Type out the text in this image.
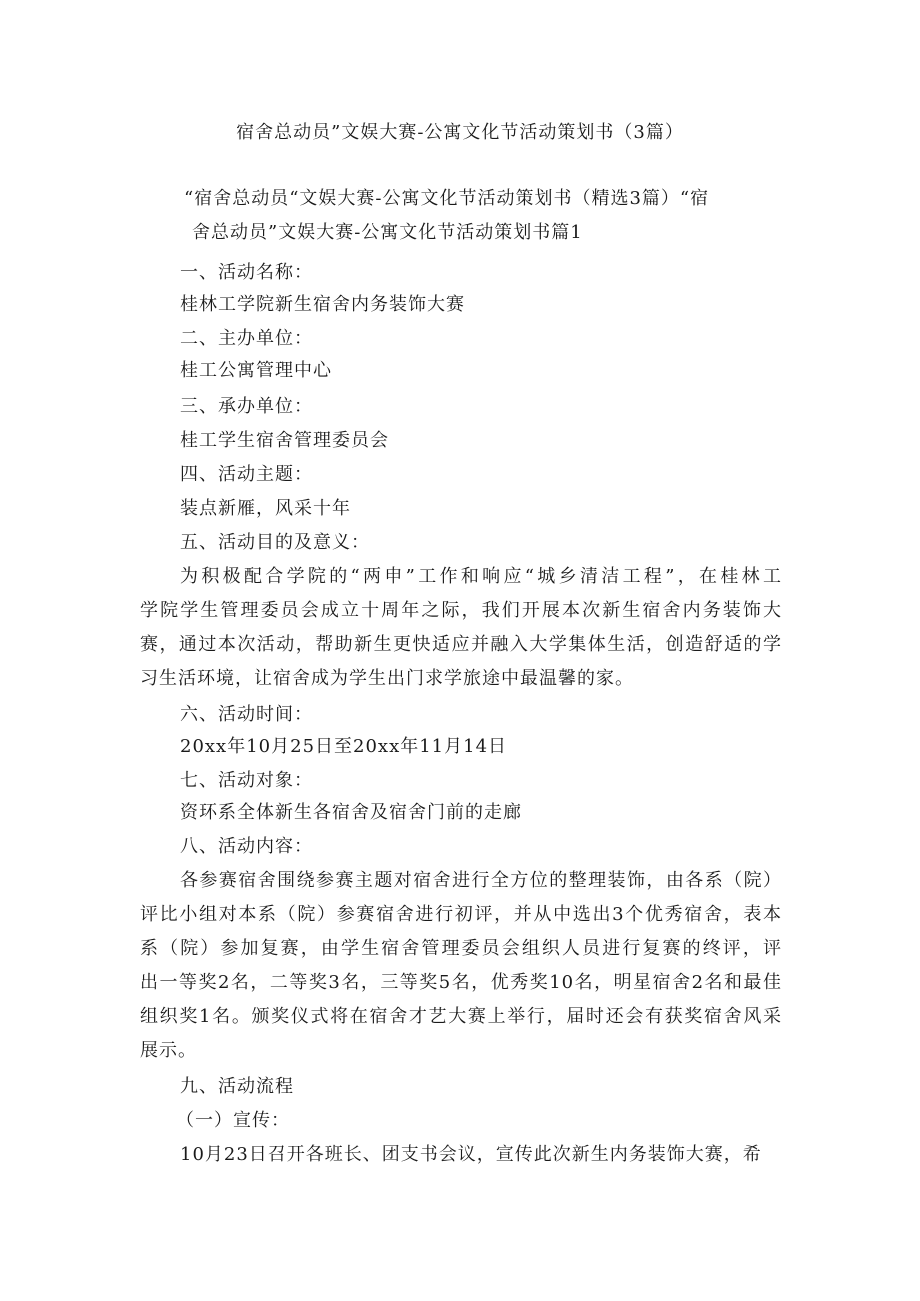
宿舍总动员”文娱大赛-公寓文化节活动策划书（3篇）
“宿舍总动员“文娱大赛-公寓文化节活动策划书（精选3篇）“宿
舍总动员”文娱大赛-公寓文化节活动策划书篇1
一、活动名称：
桂林工学院新生宿舍内务装饰大赛
二、主办单位：
桂工公寓管理中心
三、承办单位：
桂工学生宿舍管理委员会
四、活动主题：
装点新雁，风采十年
五、活动目的及意义：
为积极配合学院的“两申”工作和响应“城乡清洁工程”，在桂林工
学院学生管理委员会成立十周年之际，我们开展本次新生宿舍内务装饰大
赛，通过本次活动，帮助新生更快适应并融入大学集体生活，创造舒适的学
习生活环境，让宿舍成为学生出门求学旅途中最温馨的家。
六、活动时间：
20xx年10月25日至20xx年11月14日
七、活动对象：
资环系全体新生各宿舍及宿舍门前的走廊
八、活动内容：
各参赛宿舍围绕参赛主题对宿舍进行全方位的整理装饰，由各系（院）
评比小组对本系（院）参赛宿舍进行初评，并从中选出3个优秀宿舍，表本
系（院）参加复赛，由学生宿舍管理委员会组织人员进行复赛的终评，评
出一等奖2名，二等奖3名，三等奖5名，优秀奖10名，明星宿舍2名和最佳
组织奖1名。颁奖仪式将在宿舍才艺大赛上举行，届时还会有获奖宿舍风采
展示。
九、活动流程
（一）宣传：
10月23日召开各班长、团支书会议，宣传此次新生内务装饰大赛，希
